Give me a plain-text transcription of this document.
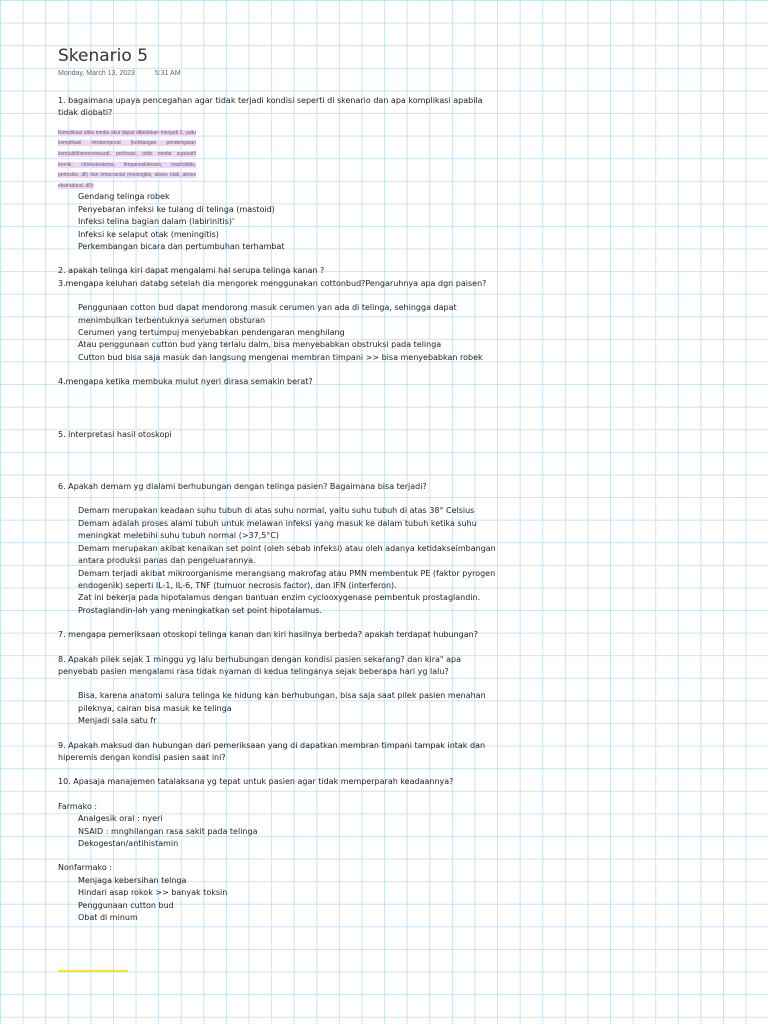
Skenario 5
Monday, March 13, 2023	5:31 AM

1. bagaimana upaya pencegahan agar tidak terjadi kondisi seperti di skenario dan apa komplikasi apabila tidak diobati?

Komplikasi otitis media akut dapat dibedakan menjadi 2, yaitu komplikasi intratemporal (kehilangan pendengaran konduktif/sensorineural, perforasi, otitis media supuratif kronik, cholesteatoma, timpanosklerosis, mastoiditis, petrositis, dll) dan intracranial (meningitis, abses otak, abses ekstradural, dll)¹
Gendang telinga robek
Penyebaran infeksi ke tulang di telinga (mastoid)
Infeksi telina bagian dalam (labirinitis)'
Infeksi ke selaput otak (meningitis)
Perkembangan bicara dan pertumbuhan terhambat

2. apakah telinga kiri dapat mengalami hal serupa telinga kanan ?

3.mengapa keluhan databg setelah dia mengorek menggunakan cottonbud?Pengaruhnya apa dgn paisen?

Penggunaan cotton bud dapat mendorong masuk cerumen yan ada di telinga, sehingga dapat menimbulkan terbentuknya serumen obsturan
Cerumen yang tertumpuj menyebabkan pendengaran menghilang
Atau penggunaan cutton bud yang terlalu dalm, bisa menyebabkan obstruksi pada telinga
Cutton bud bisa saja masuk dan langsung mengenai membran timpani >> bisa menyebabkan robek

4.mengapa ketika membuka mulut nyeri dirasa semakin berat?

5. interpretasi hasil otoskopi

6. Apakah demam yg dialami berhubungan dengan telinga pasien? Bagaimana bisa terjadi?

Demam merupakan keadaan suhu tubuh di atas suhu normal, yaitu suhu tubuh di atas 38° Celsius
Demam adalah proses alami tubuh untuk melawan infeksi yang masuk ke dalam tubuh ketika suhu meningkat melebihi suhu tubuh normal (>37,5°C)
Demam merupakan akibat kenaikan set point (oleh sebab infeksi) atau oleh adanya ketidakseimbangan antara produksi panas dan pengeluarannya.
Demam terjadi akibat mikroorganisme merangsang makrofag atau PMN membentuk PE (faktor pyrogen endogenik) seperti IL-1, IL-6, TNF (tumuor necrosis factor), dan IFN (interferon).
Zat ini bekerja pada hipotalamus dengan bantuan enzim cyclooxygenase pembentuk prostaglandin.
Prostaglandin-lah yang meningkatkan set point hipotalamus.

7. mengapa pemeriksaan otoskopi telinga kanan dan kiri hasilnya berbeda? apakah terdapat hubungan?

8. Apakah pilek sejak 1 minggu yg lalu berhubungan dengan kondisi pasien sekarang? dan kira" apa penyebab pasien mengalami rasa tidak nyaman di kedua telinganya sejak beberapa hari yg lalu?

Bisa, karena anatomi salura telinga ke hidung kan berhubungan, bisa saja saat pilek pasien menahan pileknya, cairan bisa masuk ke telinga
Menjadi sala satu fr

9. Apakah maksud dan hubungan dari pemeriksaan yang di dapatkan membran timpani tampak intak dan hiperemis dengan kondisi pasien saat ini?

10. Apasaja manajemen tatalaksana yg tepat untuk pasien agar tidak memperparah keadaannya?

Farmako :
Analgesik oral : nyeri
NSAID : mnghilangan rasa sakit pada telinga
Dekogestan/antihistamin
Nonfarmako :
Menjaga kebersihan telnga
Hindari asap rokok >> banyak toksin
Penggunaan cutton bud
Obat di minum
